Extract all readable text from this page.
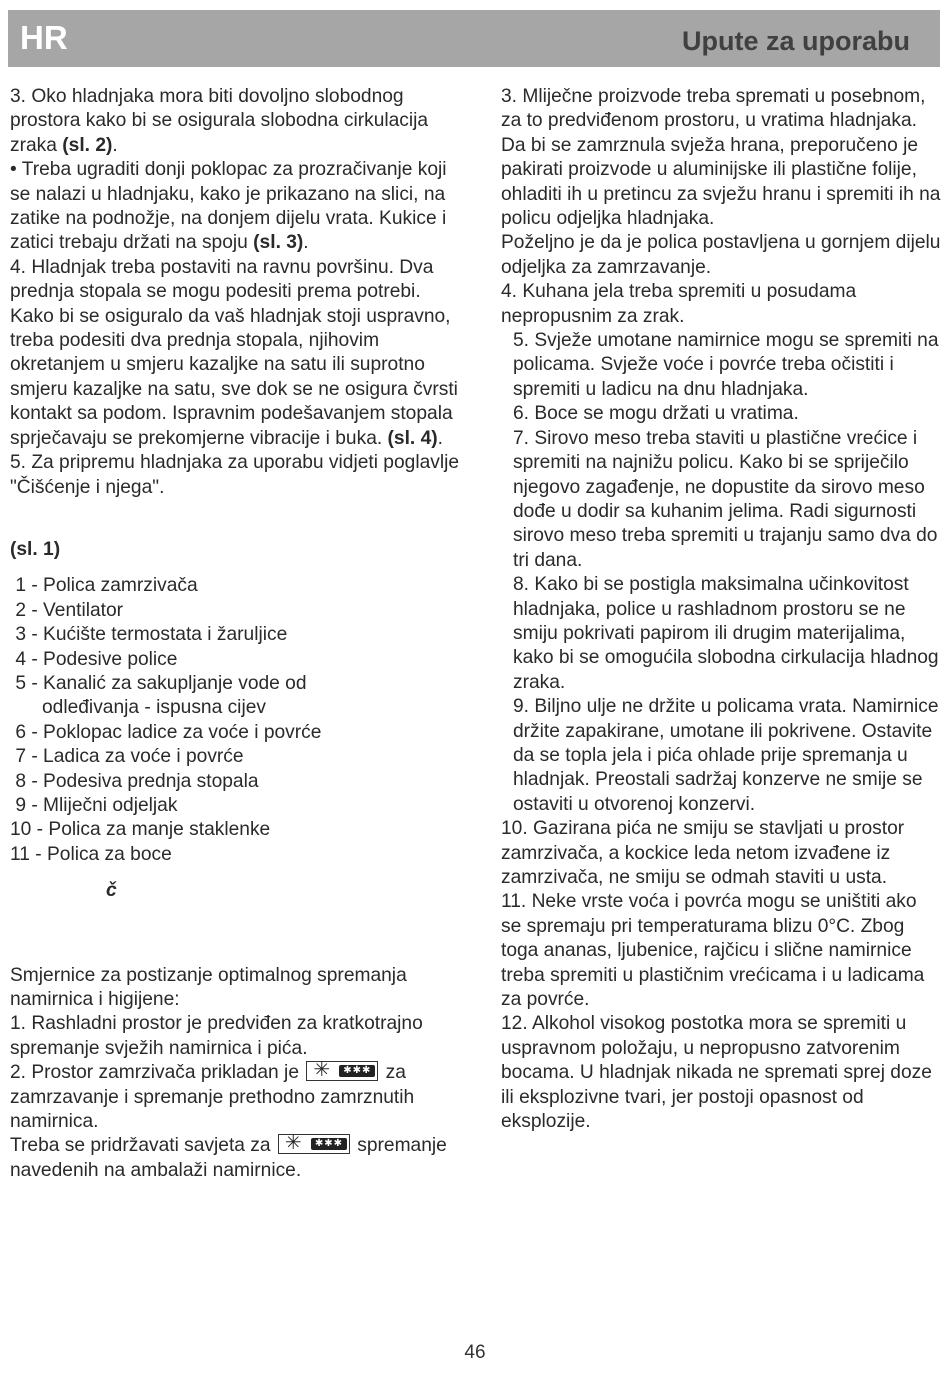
HR	Upute za uporabu

3. Oko hladnjaka mora biti dovoljno slobodnog prostora kako bi se osigurala slobodna cirkulacija zraka (sl. 2).

• Treba ugraditi donji poklopac za prozračivanje koji se nalazi u hladnjaku, kako je prikazano na slici, na zatike na podnožje, na donjem dijelu vrata. Kukice i zatici trebaju držati na spoju (sl. 3).

4. Hladnjak treba postaviti na ravnu površinu. Dva prednja stopala se mogu podesiti prema potrebi. Kako bi se osiguralo da vaš hladnjak stoji uspravno, treba podesiti dva prednja stopala, njihovim okretanjem u smjeru kazaljke na satu ili suprotno smjeru kazaljke na satu, sve dok se ne osigura čvrsti kontakt sa podom. Ispravnim podešavanjem stopala sprječavaju se prekomjerne vibracije i buka. (sl. 4).

5. Za pripremu hladnjaka za uporabu vidjeti poglavlje "Čišćenje i njega".

(sl. 1)

1 - Polica zamrzivača
2 - Ventilator
3 - Kućište termostata i žaruljice
4 - Podesive police
5 - Kanalić za sakupljanje vode od
odleđivanja - ispusna cijev
6 - Poklopac ladice za voće i povrće
7 - Ladica za voće i povrće
8 - Podesiva prednja stopala
9 - Mliječni odjeljak
10 - Polica za manje staklenke
11 - Polica za boce

č

Smjernice za postizanje optimalnog spremanja namirnica i higijene:

1. Rashladni prostor je predviđen za kratkotrajno spremanje svježih namirnica i pića.

2. Prostor zamrzivača prikladan je ✳	✱✱✱ za zamrzavanje i spremanje prethodno zamrznutih namirnica.

Treba se pridržavati savjeta za ✳	✱✱✱ spremanje navedenih na ambalaži namirnice.

3. Mliječne proizvode treba spremati u posebnom, za to predviđenom prostoru, u vratima hladnjaka.

Da bi se zamrznula svježa hrana, preporučeno je pakirati proizvode u aluminijske ili plastične folije, ohladiti ih u pretincu za svježu hranu i spremiti ih na policu odjeljka hladnjaka.

Poželjno je da je polica postavljena u gornjem dijelu odjeljka za zamrzavanje.

4. Kuhana jela treba spremiti u posudama nepropusnim za zrak.

5. Svježe umotane namirnice mogu se spremiti na policama. Svježe voće i povrće treba očistiti i spremiti u ladicu na dnu hladnjaka.

6. Boce se mogu držati u vratima.

7. Sirovo meso treba staviti u plastične vrećice i spremiti na najnižu policu. Kako bi se spriječilo njegovo zagađenje, ne dopustite da sirovo meso dođe u dodir sa kuhanim jelima. Radi sigurnosti sirovo meso treba spremiti u trajanju samo dva do tri dana.

8. Kako bi se postigla maksimalna učinkovitost hladnjaka, police u rashladnom prostoru se ne smiju pokrivati papirom ili drugim materijalima, kako bi se omogućila slobodna cirkulacija hladnog zraka.

9. Biljno ulje ne držite u policama vrata. Namirnice držite zapakirane, umotane ili pokrivene. Ostavite da se topla jela i pića ohlade prije spremanja u hladnjak. Preostali sadržaj konzerve ne smije se ostaviti u otvorenoj konzervi.

10. Gazirana pića ne smiju se stavljati u prostor zamrzivača, a kockice leda netom izvađene iz zamrzivača, ne smiju se odmah staviti u usta.

11. Neke vrste voća i povrća mogu se uništiti ako se spremaju pri temperaturama blizu 0°C. Zbog toga ananas, ljubenice, rajčicu i slične namirnice treba spremiti u plastičnim vrećicama i u ladicama za povrće.

12. Alkohol visokog postotka mora se spremiti u uspravnom položaju, u nepropusno zatvorenim bocama. U hladnjak nikada ne spremati sprej doze ili eksplozivne tvari, jer postoji opasnost od eksplozije.

46
